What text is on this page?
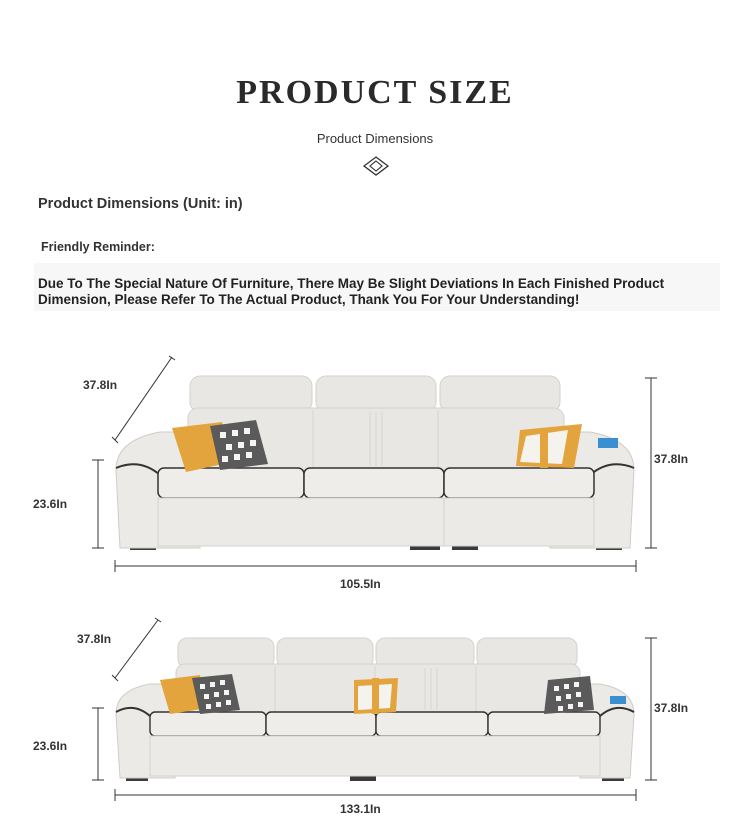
PRODUCT SIZE
Product Dimensions
Product Dimensions (Unit: in)
Friendly Reminder:
Due To The Special Nature Of Furniture, There May Be Slight Deviations In Each Finished Product Dimension, Please Refer To The Actual Product, Thank You For Your Understanding!
37.8In
23.6In
37.8In
105.5In
37.8In
23.6In
37.8In
133.1In
